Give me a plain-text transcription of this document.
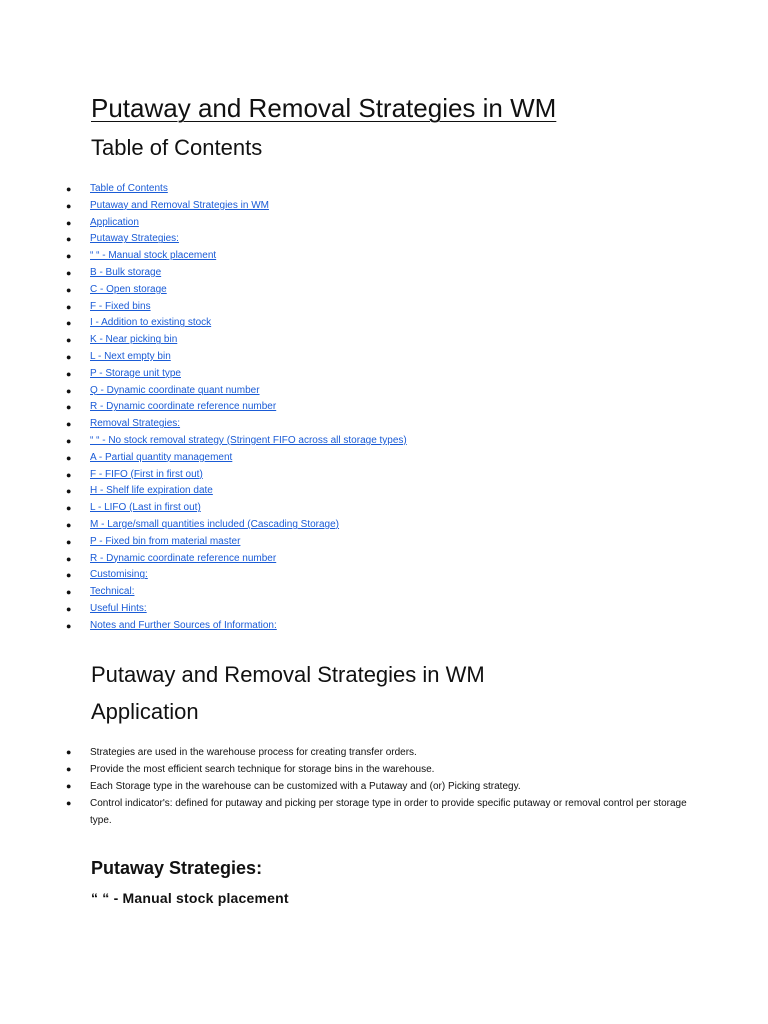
Putaway and Removal Strategies in WM
Table of Contents
● Table of Contents
● Putaway and Removal Strategies in WM
● Application
● Putaway Strategies:
● “ “ - Manual stock placement
● B - Bulk storage
● C - Open storage
● F - Fixed bins
● I - Addition to existing stock
● K - Near picking bin
● L - Next empty bin
● P - Storage unit type
● Q - Dynamic coordinate quant number
● R - Dynamic coordinate reference number
● Removal Strategies:
● “ “ - No stock removal strategy (Stringent FIFO across all storage types)
● A - Partial quantity management
● F - FIFO (First in first out)
● H - Shelf life expiration date
● L - LIFO (Last in first out)
● M - Large/small quantities included (Cascading Storage)
● P - Fixed bin from material master
● R - Dynamic coordinate reference number
● Customising:
● Technical:
● Useful Hints:
● Notes and Further Sources of Information:
Putaway and Removal Strategies in WM
Application
● Strategies are used in the warehouse process for creating transfer orders.
● Provide the most efficient search technique for storage bins in the warehouse.
● Each Storage type in the warehouse can be customized with a Putaway and (or) Picking strategy.
● Control indicator's: defined for putaway and picking per storage type in order to provide specific putaway or removal control per storage type.
Putaway Strategies:
“ “ - Manual stock placement
